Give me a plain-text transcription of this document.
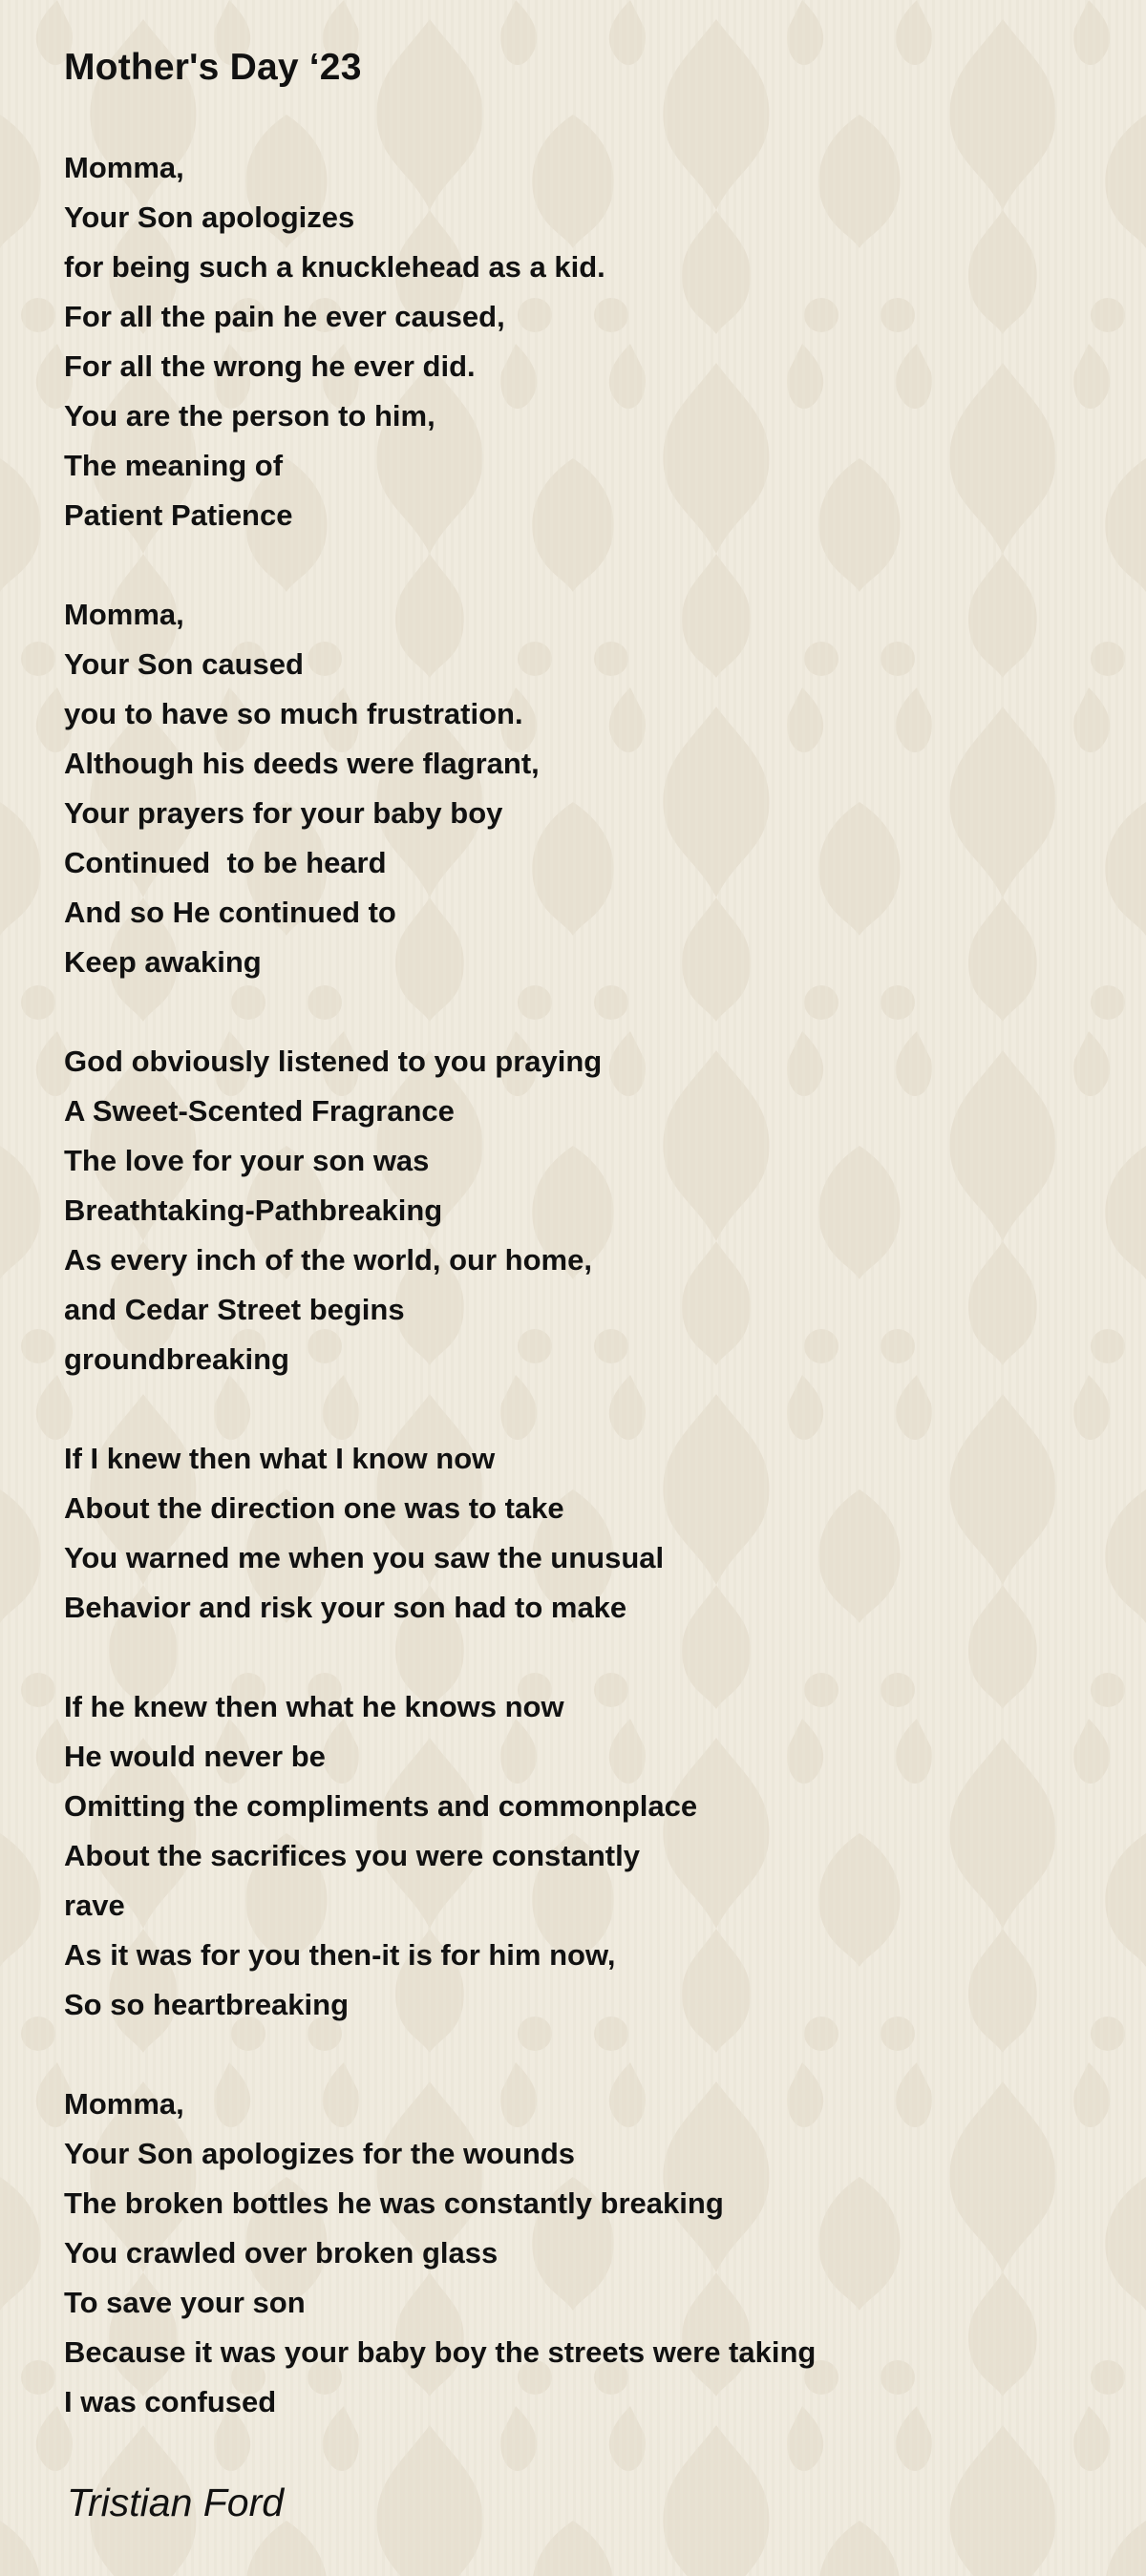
Mother's Day ‘23
Momma,
Your Son apologizes
for being such a knucklehead as a kid.
For all the pain he ever caused,
For all the wrong he ever did.
You are the person to him,
The meaning of
Patient Patience
Momma,
Your Son caused
you to have so much frustration.
Although his deeds were flagrant,
Your prayers for your baby boy
Continued  to be heard
And so He continued to
Keep awaking
God obviously listened to you praying
A Sweet-Scented Fragrance
The love for your son was
Breathtaking-Pathbreaking
As every inch of the world, our home,
and Cedar Street begins
groundbreaking
If I knew then what I know now
About the direction one was to take
You warned me when you saw the unusual
Behavior and risk your son had to make
If he knew then what he knows now
He would never be
Omitting the compliments and commonplace
About the sacrifices you were constantly
rave
As it was for you then-it is for him now,
So so heartbreaking
Momma,
Your Son apologizes for the wounds
The broken bottles he was constantly breaking
You crawled over broken glass
To save your son
Because it was your baby boy the streets were taking
I was confused
Tristian Ford
